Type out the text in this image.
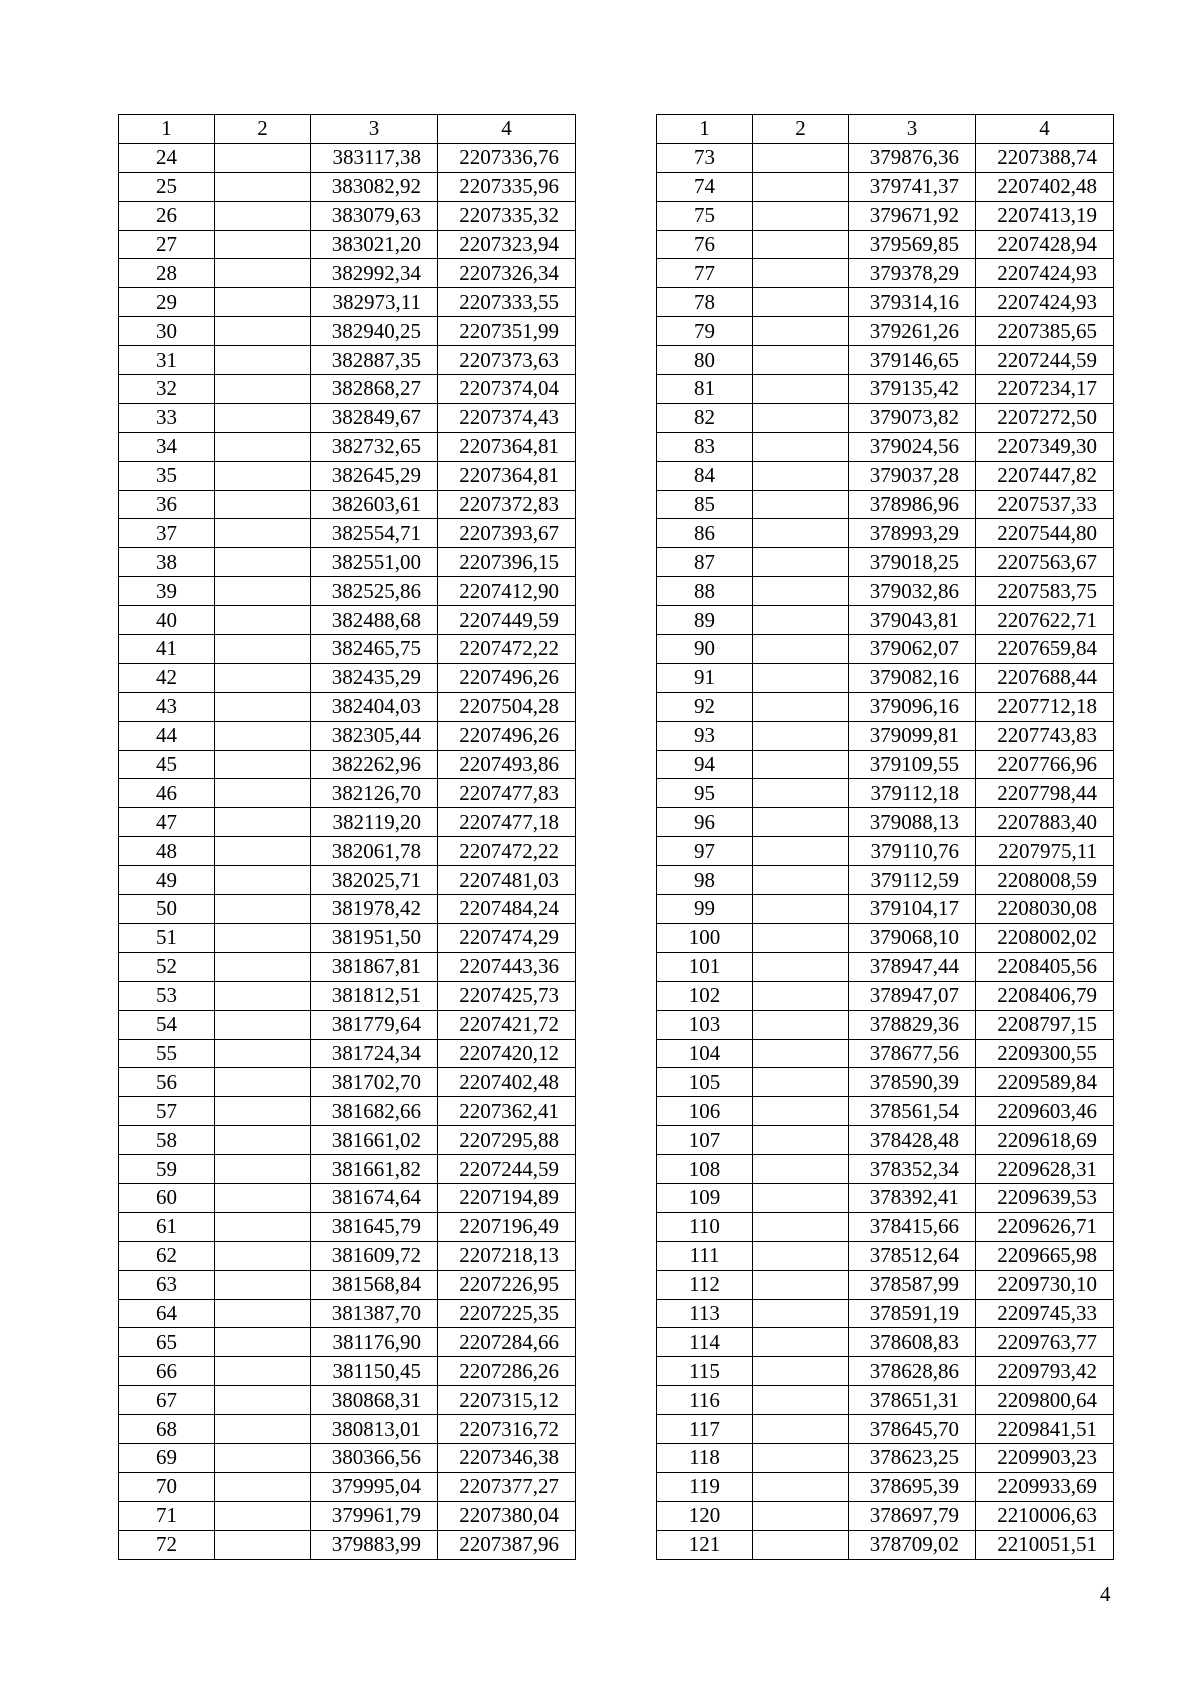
1	2	3	4
24		383117,38	2207336,76
25		383082,92	2207335,96
26		383079,63	2207335,32
27		383021,20	2207323,94
28		382992,34	2207326,34
29		382973,11	2207333,55
30		382940,25	2207351,99
31		382887,35	2207373,63
32		382868,27	2207374,04
33		382849,67	2207374,43
34		382732,65	2207364,81
35		382645,29	2207364,81
36		382603,61	2207372,83
37		382554,71	2207393,67
38		382551,00	2207396,15
39		382525,86	2207412,90
40		382488,68	2207449,59
41		382465,75	2207472,22
42		382435,29	2207496,26
43		382404,03	2207504,28
44		382305,44	2207496,26
45		382262,96	2207493,86
46		382126,70	2207477,83
47		382119,20	2207477,18
48		382061,78	2207472,22
49		382025,71	2207481,03
50		381978,42	2207484,24
51		381951,50	2207474,29
52		381867,81	2207443,36
53		381812,51	2207425,73
54		381779,64	2207421,72
55		381724,34	2207420,12
56		381702,70	2207402,48
57		381682,66	2207362,41
58		381661,02	2207295,88
59		381661,82	2207244,59
60		381674,64	2207194,89
61		381645,79	2207196,49
62		381609,72	2207218,13
63		381568,84	2207226,95
64		381387,70	2207225,35
65		381176,90	2207284,66
66		381150,45	2207286,26
67		380868,31	2207315,12
68		380813,01	2207316,72
69		380366,56	2207346,38
70		379995,04	2207377,27
71		379961,79	2207380,04
72		379883,99	2207387,96
1	2	3	4
73		379876,36	2207388,74
74		379741,37	2207402,48
75		379671,92	2207413,19
76		379569,85	2207428,94
77		379378,29	2207424,93
78		379314,16	2207424,93
79		379261,26	2207385,65
80		379146,65	2207244,59
81		379135,42	2207234,17
82		379073,82	2207272,50
83		379024,56	2207349,30
84		379037,28	2207447,82
85		378986,96	2207537,33
86		378993,29	2207544,80
87		379018,25	2207563,67
88		379032,86	2207583,75
89		379043,81	2207622,71
90		379062,07	2207659,84
91		379082,16	2207688,44
92		379096,16	2207712,18
93		379099,81	2207743,83
94		379109,55	2207766,96
95		379112,18	2207798,44
96		379088,13	2207883,40
97		379110,76	2207975,11
98		379112,59	2208008,59
99		379104,17	2208030,08
100		379068,10	2208002,02
101		378947,44	2208405,56
102		378947,07	2208406,79
103		378829,36	2208797,15
104		378677,56	2209300,55
105		378590,39	2209589,84
106		378561,54	2209603,46
107		378428,48	2209618,69
108		378352,34	2209628,31
109		378392,41	2209639,53
110		378415,66	2209626,71
111		378512,64	2209665,98
112		378587,99	2209730,10
113		378591,19	2209745,33
114		378608,83	2209763,77
115		378628,86	2209793,42
116		378651,31	2209800,64
117		378645,70	2209841,51
118		378623,25	2209903,23
119		378695,39	2209933,69
120		378697,79	2210006,63
121		378709,02	2210051,51
4
